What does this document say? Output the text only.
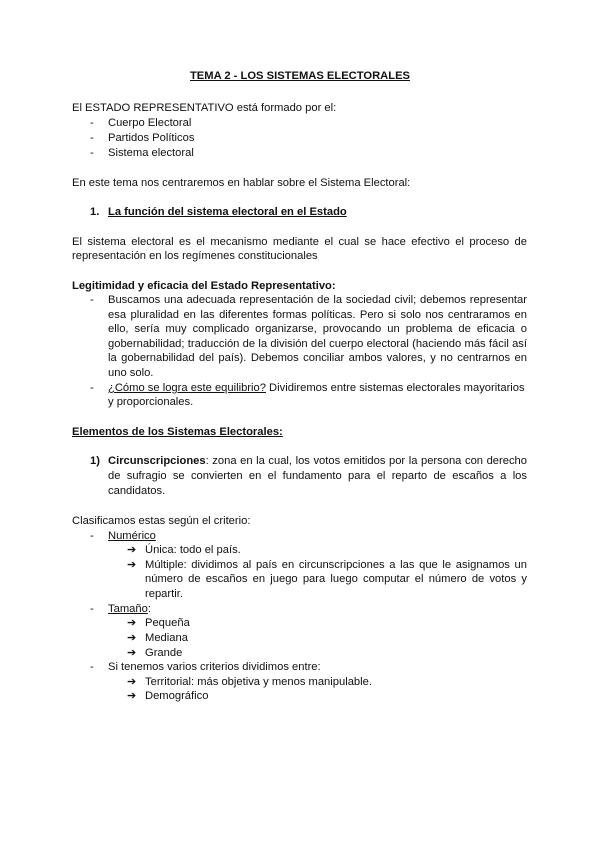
TEMA 2 - LOS SISTEMAS ELECTORALES
El ESTADO REPRESENTATIVO está formado por el:
- Cuerpo Electoral
- Partidos Políticos
- Sistema electoral
En este tema nos centraremos en hablar sobre el Sistema Electoral:
1. La función del sistema electoral en el Estado
El sistema electoral es el mecanismo mediante el cual se hace efectivo el proceso de
representación en los regímenes constitucionales
Legitimidad y eficacia del Estado Representativo:
- Buscamos una adecuada representación de la sociedad civil; debemos representar
esa pluralidad en las diferentes formas políticas. Pero si solo nos centraramos en
ello, sería muy complicado organizarse, provocando un problema de eficacia o
gobernabilidad; traducción de la división del cuerpo electoral (haciendo más fácil así
la gobernabilidad del país). Debemos conciliar ambos valores, y no centrarnos en
uno solo.
- ¿Cómo se logra este equilibrio? Dividiremos entre sistemas electorales mayoritarios
y proporcionales.
Elementos de los Sistemas Electorales:
1) Circunscripciones: zona en la cual, los votos emitidos por la persona con derecho
de sufragio se convierten en el fundamento para el reparto de escaños a los
candidatos.
Clasificamos estas según el criterio:
- Numérico
➔ Única: todo el país.
➔ Múltiple: dividimos al país en circunscripciones a las que le asignamos un
número de escaños en juego para luego computar el número de votos y
repartir.
- Tamaño:
➔ Pequeña
➔ Mediana
➔ Grande
- Si tenemos varios criterios dividimos entre:
➔ Territorial: más objetiva y menos manipulable.
➔ Demográfico
